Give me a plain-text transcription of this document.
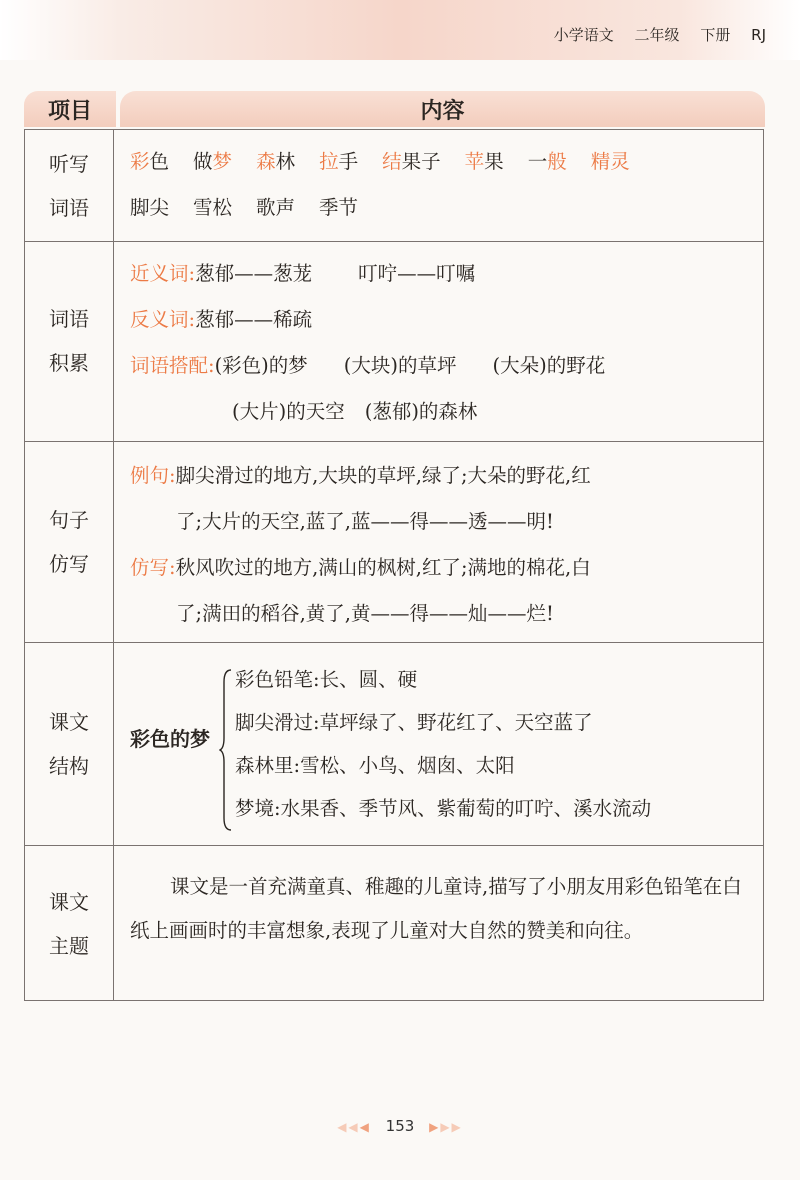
小学语文 二年级 下册 RJ
项目	内容
听写
词语
词语
积累
句子
仿写
课文
结构
课文
主题
彩色 做梦 森林 拉手 结果子 苹果 一般 精灵
脚尖 雪松 歌声 季节
近义词:葱郁——葱茏 叮咛——叮嘱
反义词:葱郁——稀疏
词语搭配:(彩色)的梦 (大块)的草坪 (大朵)的野花
(大片)的天空 (葱郁)的森林
例句:脚尖滑过的地方,大块的草坪,绿了;大朵的野花,红
了;大片的天空,蓝了,蓝——得——透——明!
仿写:秋风吹过的地方,满山的枫树,红了;满地的棉花,白
了;满田的稻谷,黄了,黄——得——灿——烂!
彩色的梦
彩色铅笔:长、圆、硬
脚尖滑过:草坪绿了、野花红了、天空蓝了
森林里:雪松、小鸟、烟囱、太阳
梦境:水果香、季节风、紫葡萄的叮咛、溪水流动
课文是一首充满童真、稚趣的儿童诗,描写了小朋友用彩色铅笔在白纸上画画时的丰富想象,表现了儿童对大自然的赞美和向往。
◀◀◀ 153 ▶▶▶
